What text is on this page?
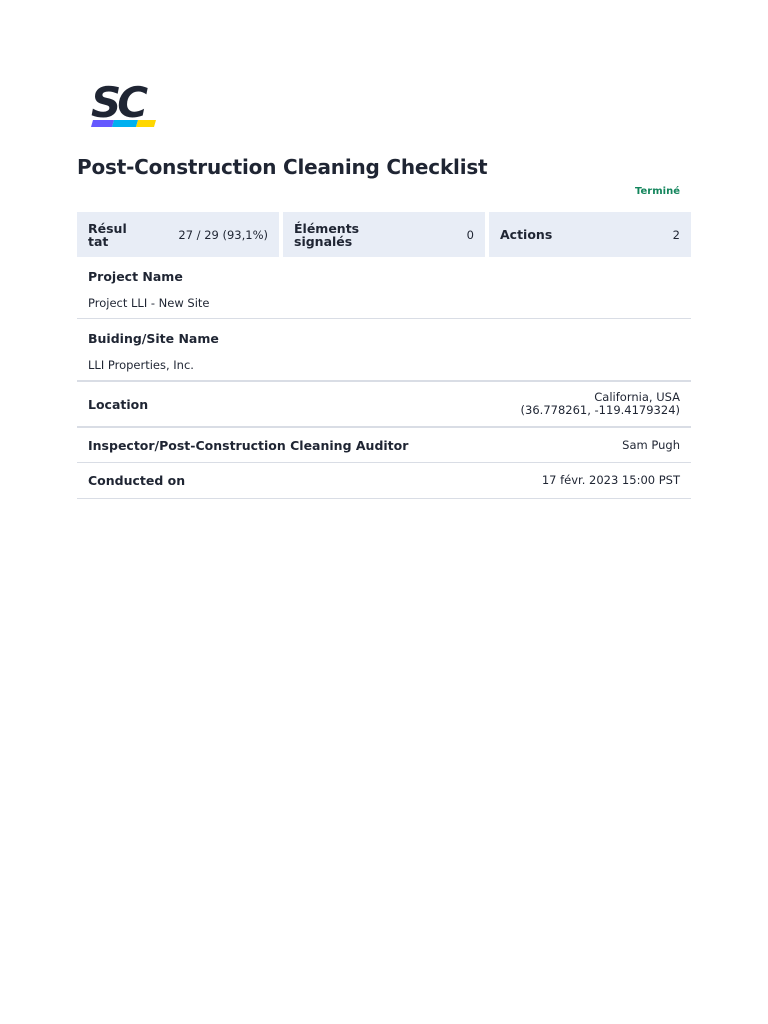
SC
Post-Construction Cleaning Checklist
Terminé
Résultat	27 / 29 (93,1%) Éléments signalés	0 Actions	2
Project Name
Project LLI - New Site
Buiding/Site Name
LLI Properties, Inc.
Location	California, USA
(36.778261, -119.4179324)
Inspector/Post-Construction Cleaning Auditor	Sam Pugh
Conducted on	17 févr. 2023 15:00 PST
